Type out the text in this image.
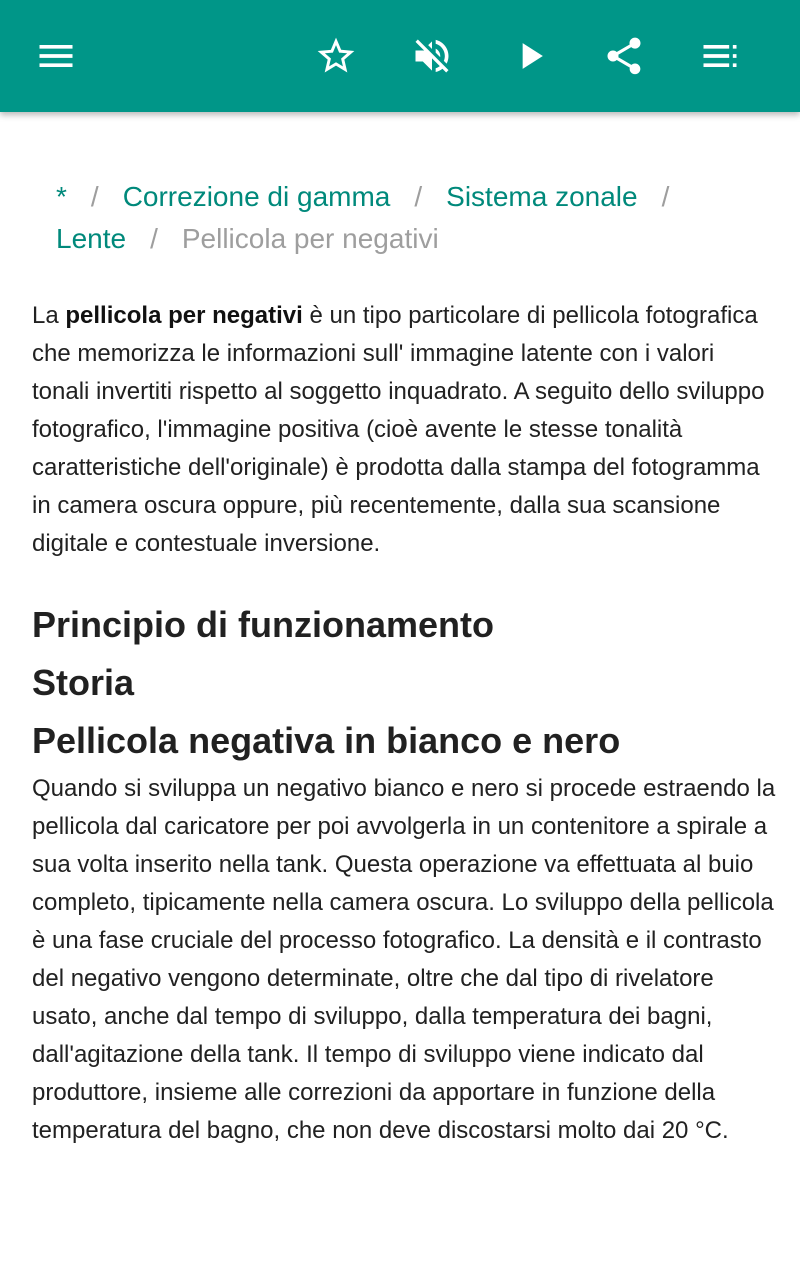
* / Correzione di gamma / Sistema zonale /
Lente / Pellicola per negativi

La pellicola per negativi è un tipo particolare di pellicola fotografica che memorizza le informazioni sull' immagine latente con i valori tonali invertiti rispetto al soggetto inquadrato. A seguito dello sviluppo fotografico, l'immagine positiva (cioè avente le stesse tonalità caratteristiche dell'originale) è prodotta dalla stampa del fotogramma in camera oscura oppure, più recentemente, dalla sua scansione digitale e contestuale inversione.

Principio di funzionamento
Storia
Pellicola negativa in bianco e nero

Quando si sviluppa un negativo bianco e nero si procede estraendo la pellicola dal caricatore per poi avvolgerla in un contenitore a spirale a sua volta inserito nella tank. Questa operazione va effettuata al buio completo, tipicamente nella camera oscura. Lo sviluppo della pellicola è una fase cruciale del processo fotografico. La densità e il contrasto del negativo vengono determinate, oltre che dal tipo di rivelatore usato, anche dal tempo di sviluppo, dalla temperatura dei bagni, dall'agitazione della tank. Il tempo di sviluppo viene indicato dal produttore, insieme alle correzioni da apportare in funzione della temperatura del bagno, che non deve discostarsi molto dai 20 °C.
